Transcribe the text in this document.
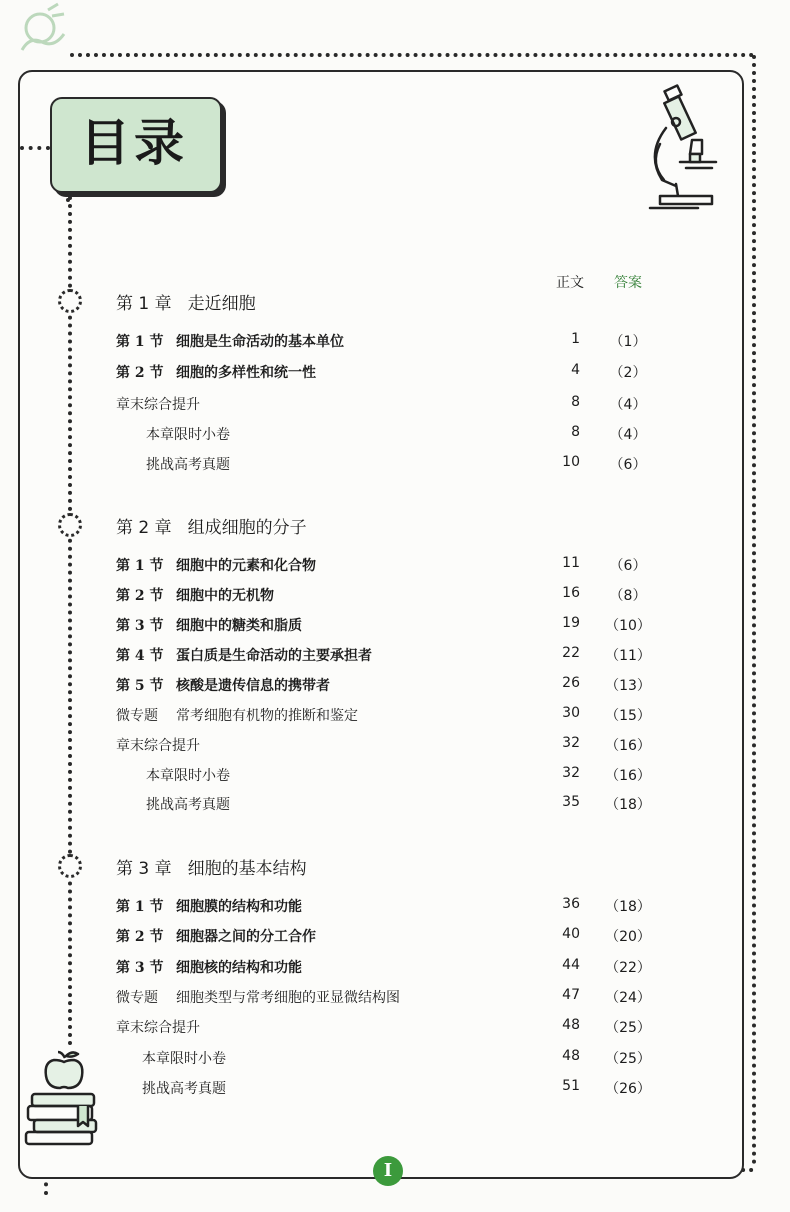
目录
正文 答案
第 1 章 走近细胞
第 1 节 细胞是生命活动的基本单位	1	（1）
第 2 节 细胞的多样性和统一性	4	（2）
章末综合提升	8	（4）
本章限时小卷	8	（4）
挑战高考真题	10	（6）
第 2 章 组成细胞的分子
第 1 节 细胞中的元素和化合物	11	（6）
第 2 节 细胞中的无机物	16	（8）
第 3 节 细胞中的糖类和脂质	19	（10）
第 4 节 蛋白质是生命活动的主要承担者	22	（11）
第 5 节 核酸是遗传信息的携带者	26	（13）
微专题 常考细胞有机物的推断和鉴定	30	（15）
章末综合提升	32	（16）
本章限时小卷	32	（16）
挑战高考真题	35	（18）
第 3 章 细胞的基本结构
第 1 节 细胞膜的结构和功能	36	（18）
第 2 节 细胞器之间的分工合作	40	（20）
第 3 节 细胞核的结构和功能	44	（22）
微专题 细胞类型与常考细胞的亚显微结构图	47	（24）
章末综合提升	48	（25）
本章限时小卷	48	（25）
挑战高考真题	51	（26）
I
